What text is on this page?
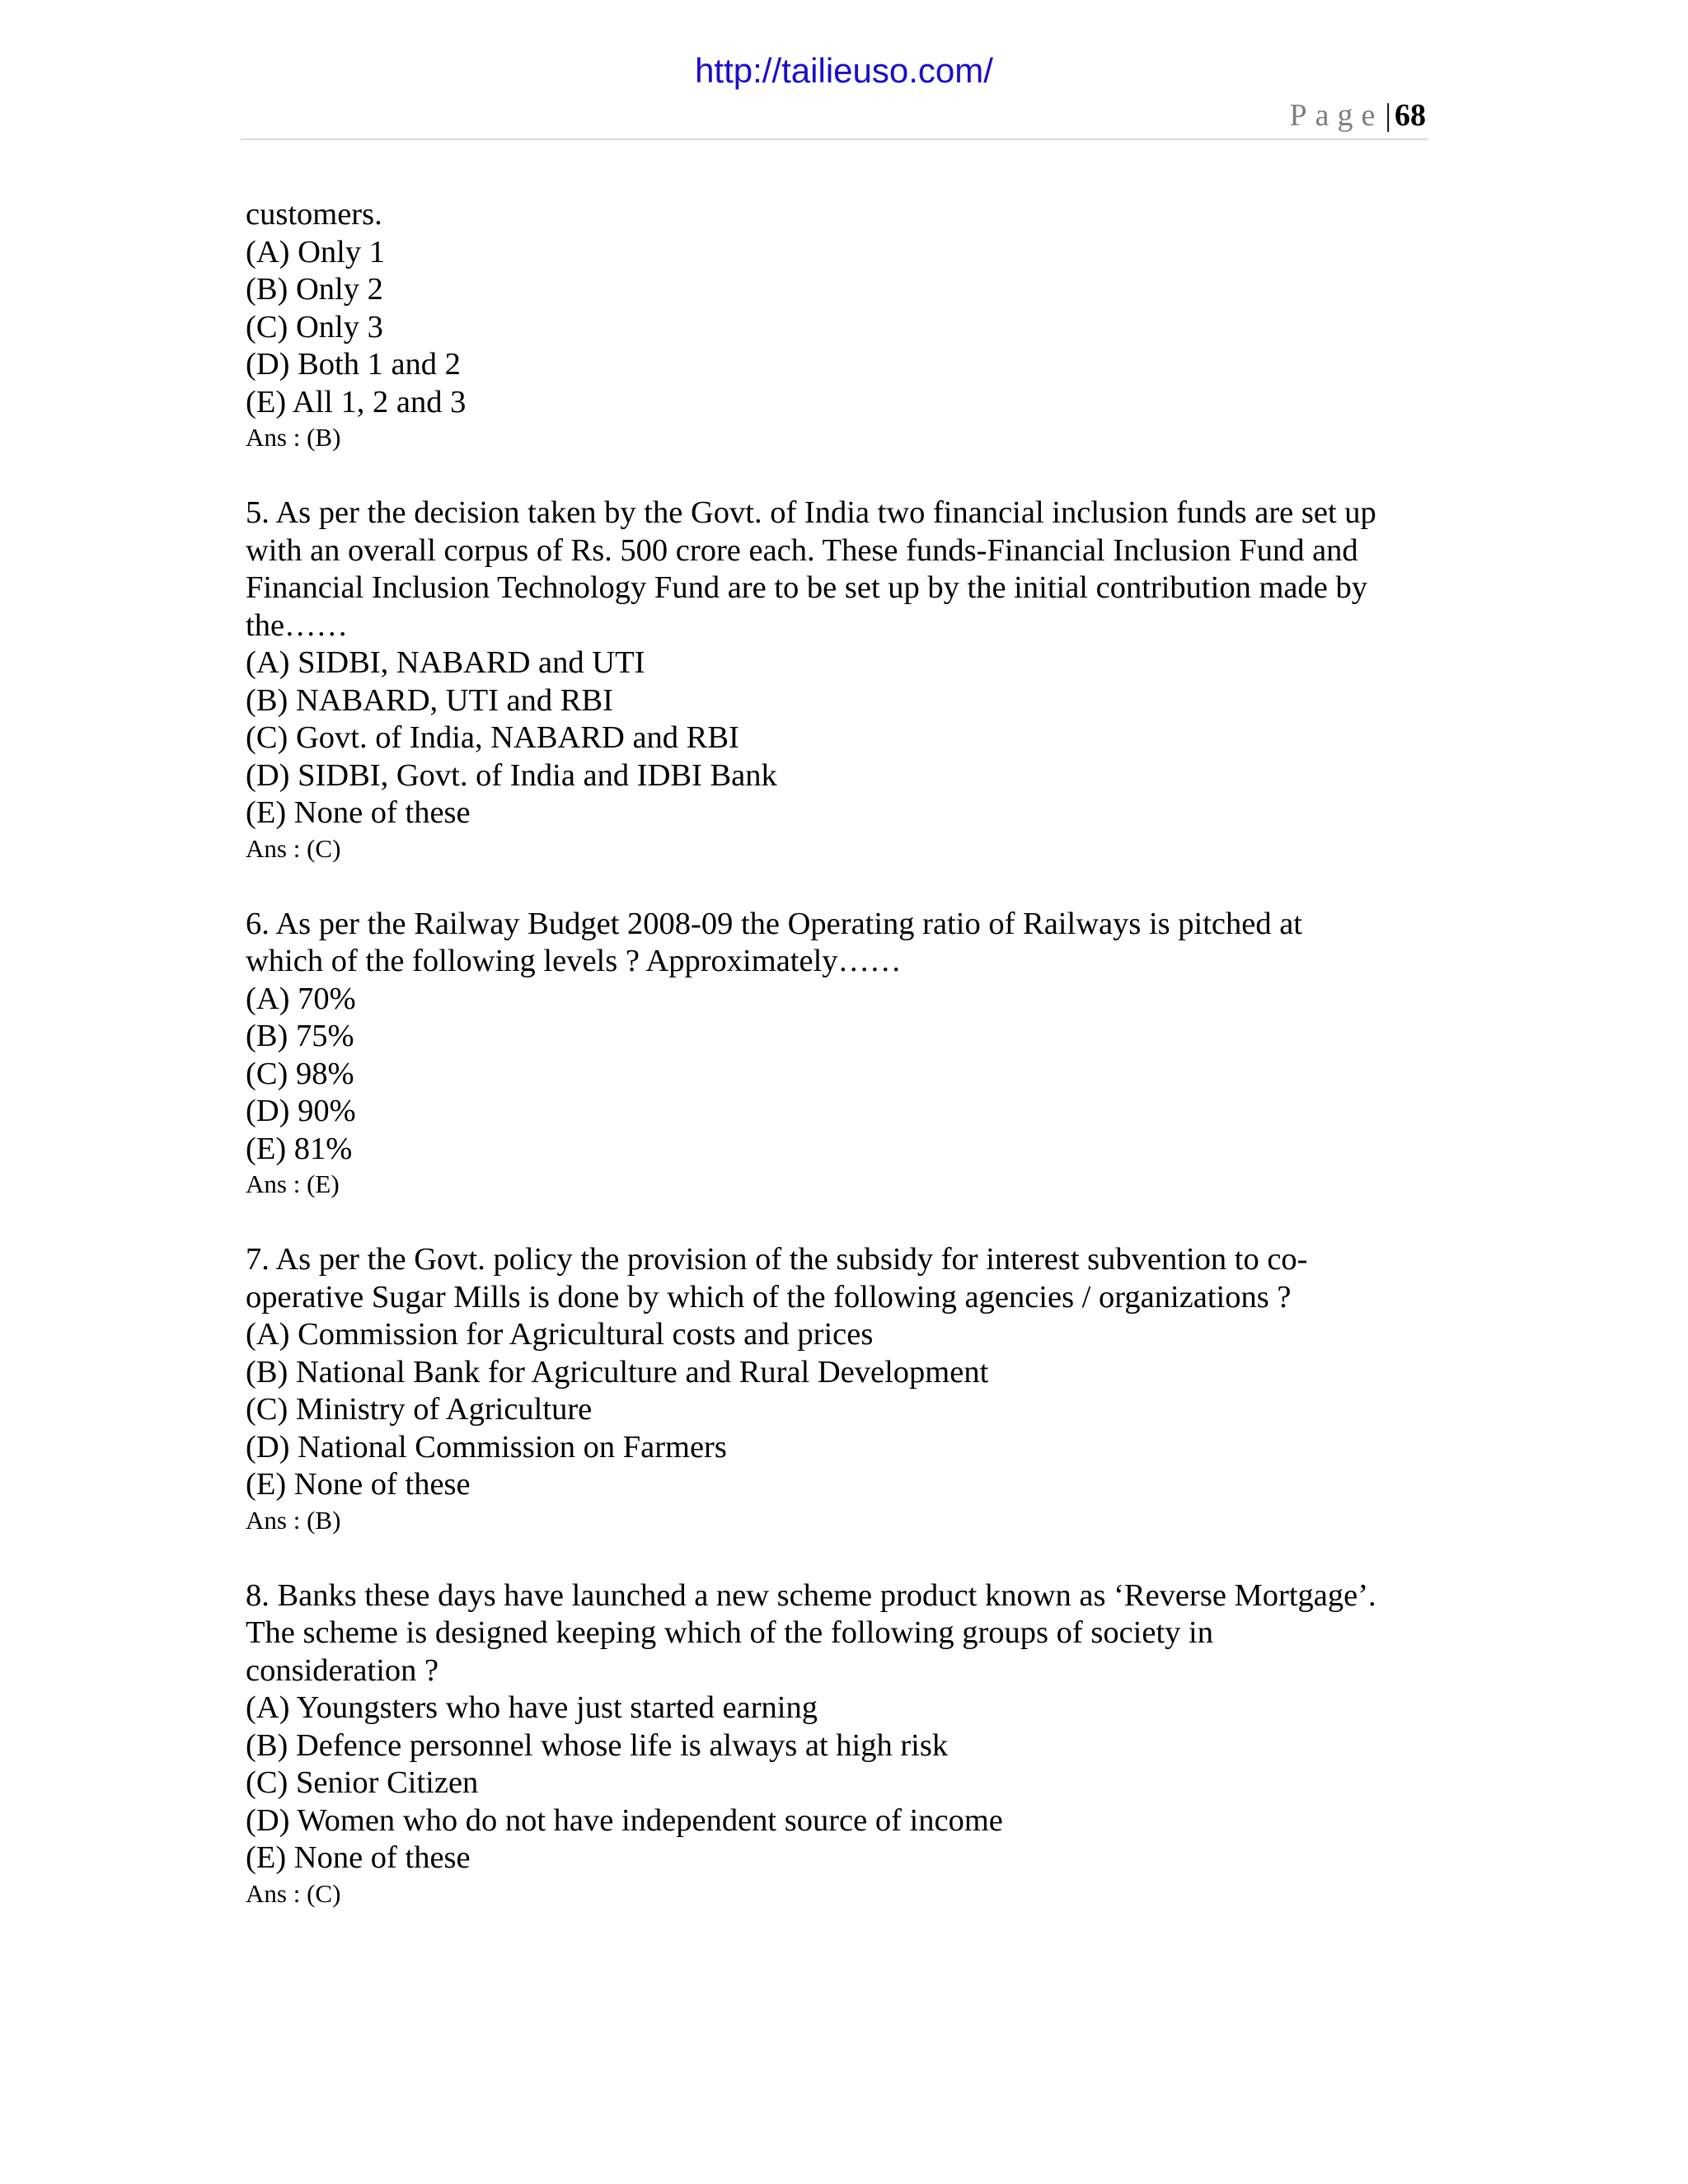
http://tailieuso.com/
Page| 68
customers.
(A) Only 1
(B) Only 2
(C) Only 3
(D) Both 1 and 2
(E) All 1, 2 and 3
Ans : (B)
5. As per the decision taken by the Govt. of India two financial inclusion funds are set up
with an overall corpus of Rs. 500 crore each. These funds-Financial Inclusion Fund and
Financial Inclusion Technology Fund are to be set up by the initial contribution made by
the……
(A) SIDBI, NABARD and UTI
(B) NABARD, UTI and RBI
(C) Govt. of India, NABARD and RBI
(D) SIDBI, Govt. of India and IDBI Bank
(E) None of these
Ans : (C)
6. As per the Railway Budget 2008-09 the Operating ratio of Railways is pitched at
which of the following levels ? Approximately……
(A) 70%
(B) 75%
(C) 98%
(D) 90%
(E) 81%
Ans : (E)
7. As per the Govt. policy the provision of the subsidy for interest subvention to co-
operative Sugar Mills is done by which of the following agencies / organizations ?
(A) Commission for Agricultural costs and prices
(B) National Bank for Agriculture and Rural Development
(C) Ministry of Agriculture
(D) National Commission on Farmers
(E) None of these
Ans : (B)
8. Banks these days have launched a new scheme product known as ‘Reverse Mortgage’.
The scheme is designed keeping which of the following groups of society in
consideration ?
(A) Youngsters who have just started earning
(B) Defence personnel whose life is always at high risk
(C) Senior Citizen
(D) Women who do not have independent source of income
(E) None of these
Ans : (C)
